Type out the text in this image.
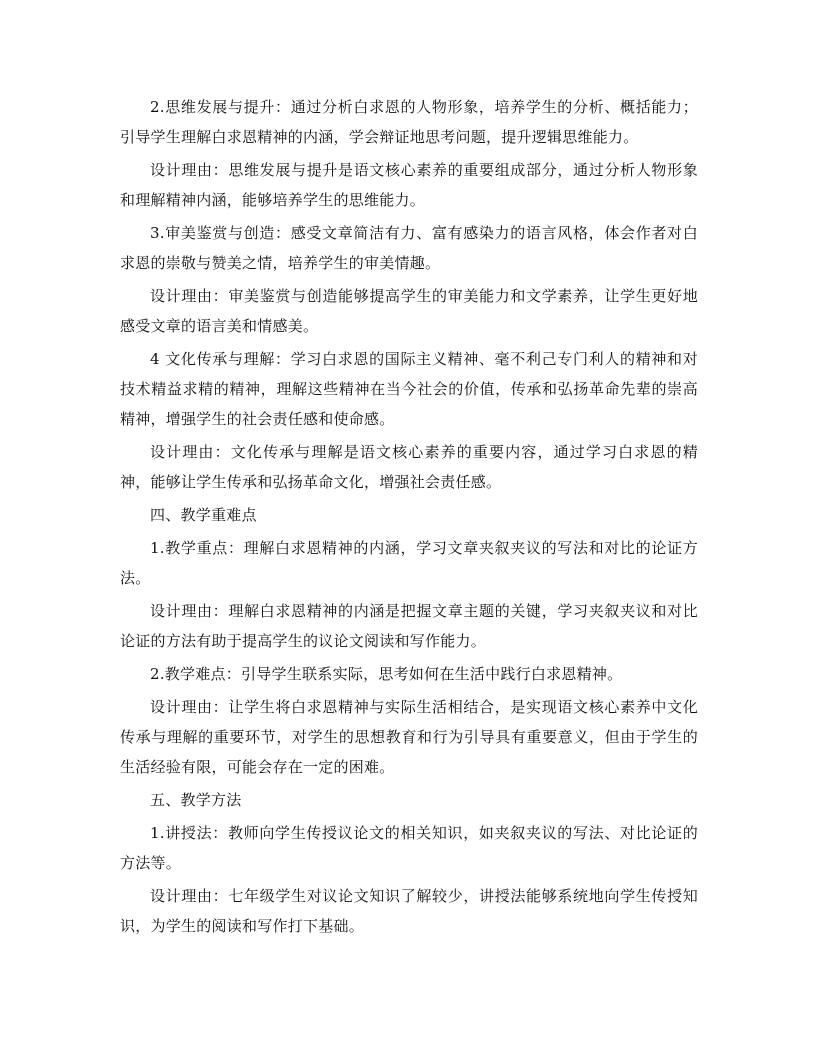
2.思维发展与提升：通过分析白求恩的人物形象，培养学生的分析、概括能力；引导学生理解白求恩精神的内涵，学会辩证地思考问题，提升逻辑思维能力。

设计理由：思维发展与提升是语文核心素养的重要组成部分，通过分析人物形象和理解精神内涵，能够培养学生的思维能力。

3.审美鉴赏与创造：感受文章简洁有力、富有感染力的语言风格，体会作者对白求恩的崇敬与赞美之情，培养学生的审美情趣。

设计理由：审美鉴赏与创造能够提高学生的审美能力和文学素养，让学生更好地感受文章的语言美和情感美。

4 文化传承与理解：学习白求恩的国际主义精神、毫不利己专门利人的精神和对技术精益求精的精神，理解这些精神在当今社会的价值，传承和弘扬革命先辈的崇高精神，增强学生的社会责任感和使命感。

设计理由：文化传承与理解是语文核心素养的重要内容，通过学习白求恩的精神，能够让学生传承和弘扬革命文化，增强社会责任感。

四、教学重难点

1.教学重点：理解白求恩精神的内涵，学习文章夹叙夹议的写法和对比的论证方法。

设计理由：理解白求恩精神的内涵是把握文章主题的关键，学习夹叙夹议和对比论证的方法有助于提高学生的议论文阅读和写作能力。

2.教学难点：引导学生联系实际，思考如何在生活中践行白求恩精神。

设计理由：让学生将白求恩精神与实际生活相结合，是实现语文核心素养中文化传承与理解的重要环节，对学生的思想教育和行为引导具有重要意义，但由于学生的生活经验有限，可能会存在一定的困难。

五、教学方法

1.讲授法：教师向学生传授议论文的相关知识，如夹叙夹议的写法、对比论证的方法等。

设计理由：七年级学生对议论文知识了解较少，讲授法能够系统地向学生传授知识，为学生的阅读和写作打下基础。
